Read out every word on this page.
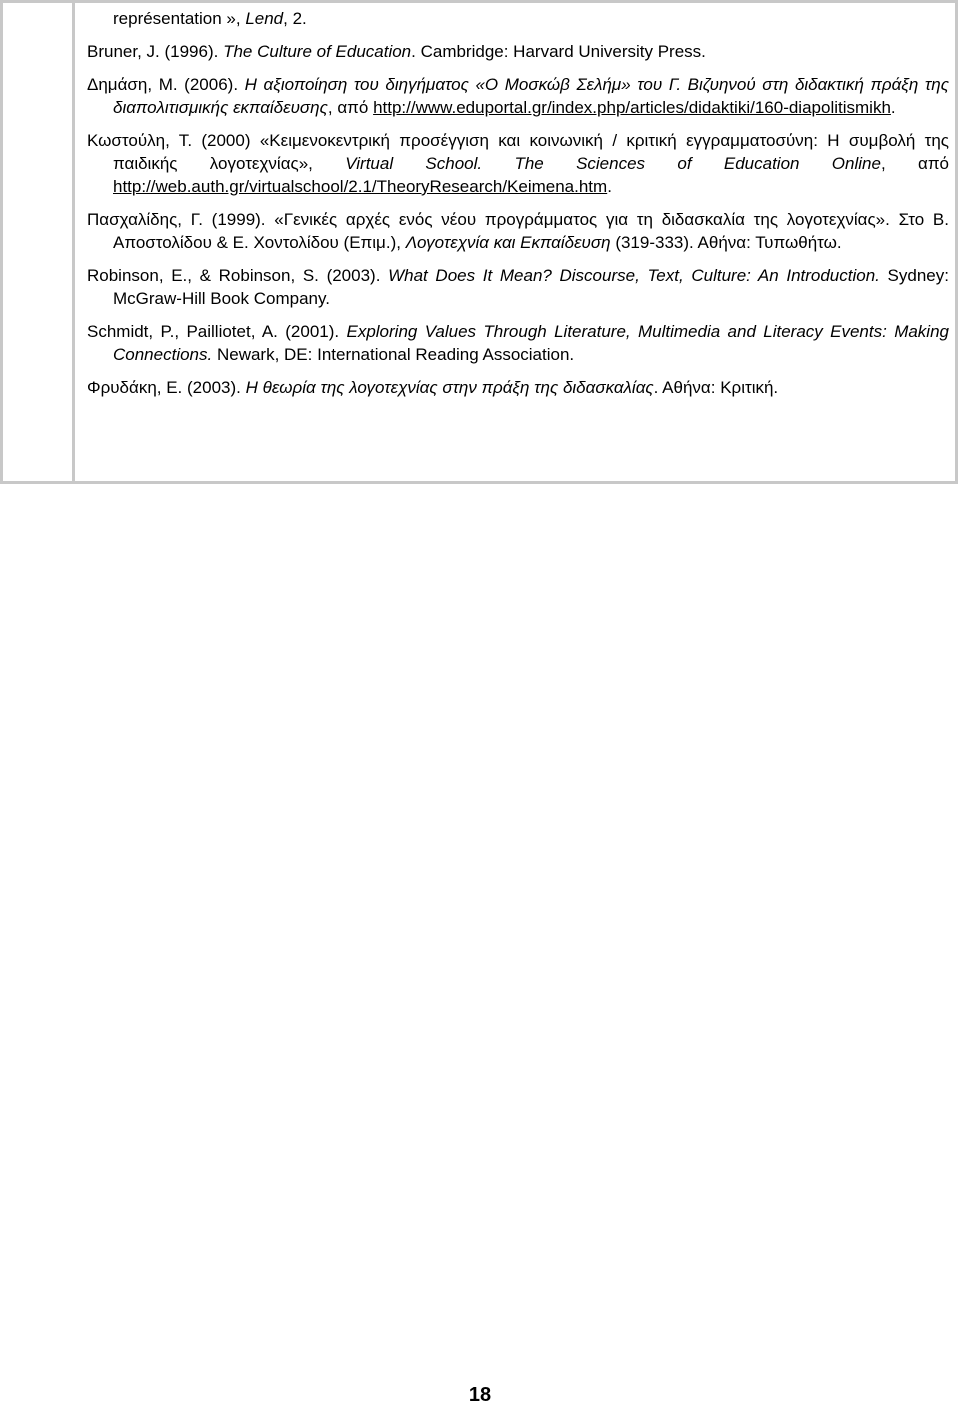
représentation », Lend, 2.

Bruner, J. (1996). The Culture of Education. Cambridge: Harvard University Press.

Δημάση, Μ. (2006). Η αξιοποίηση του διηγήματος «Ο Μοσκώβ Σελήμ» του Γ. Βιζυηνού στη διδακτική πράξη της διαπολιτισμικής εκπαίδευσης, από http://www.eduportal.gr/index.php/articles/didaktiki/160-diapolitismikh.

Κωστούλη, Τ. (2000) «Κειμενοκεντρική προσέγγιση και κοινωνική / κριτική εγγραμματοσύνη: Η συμβολή της παιδικής λογοτεχνίας», Virtual School. The Sciences of Education Online, από http://web.auth.gr/virtualschool/2.1/TheoryResearch/Keimena.htm.

Πασχαλίδης, Γ. (1999). «Γενικές αρχές ενός νέου προγράμματος για τη διδασκαλία της λογοτεχνίας». Στο Β. Αποστολίδου & Ε. Χοντολίδου (Επιμ.), Λογοτεχνία και Εκπαίδευση (319-333). Αθήνα: Τυπωθήτω.

Robinson, E., & Robinson, S. (2003). What Does It Mean? Discourse, Text, Culture: An Introduction. Sydney: McGraw-Hill Book Company.

Schmidt, P., Pailliotet, A. (2001). Exploring Values Through Literature, Multimedia and Literacy Events: Making Connections. Newark, DE: International Reading Association.

Φρυδάκη, Ε. (2003). Η θεωρία της λογοτεχνίας στην πράξη της διδασκαλίας. Αθήνα: Κριτική.

18
